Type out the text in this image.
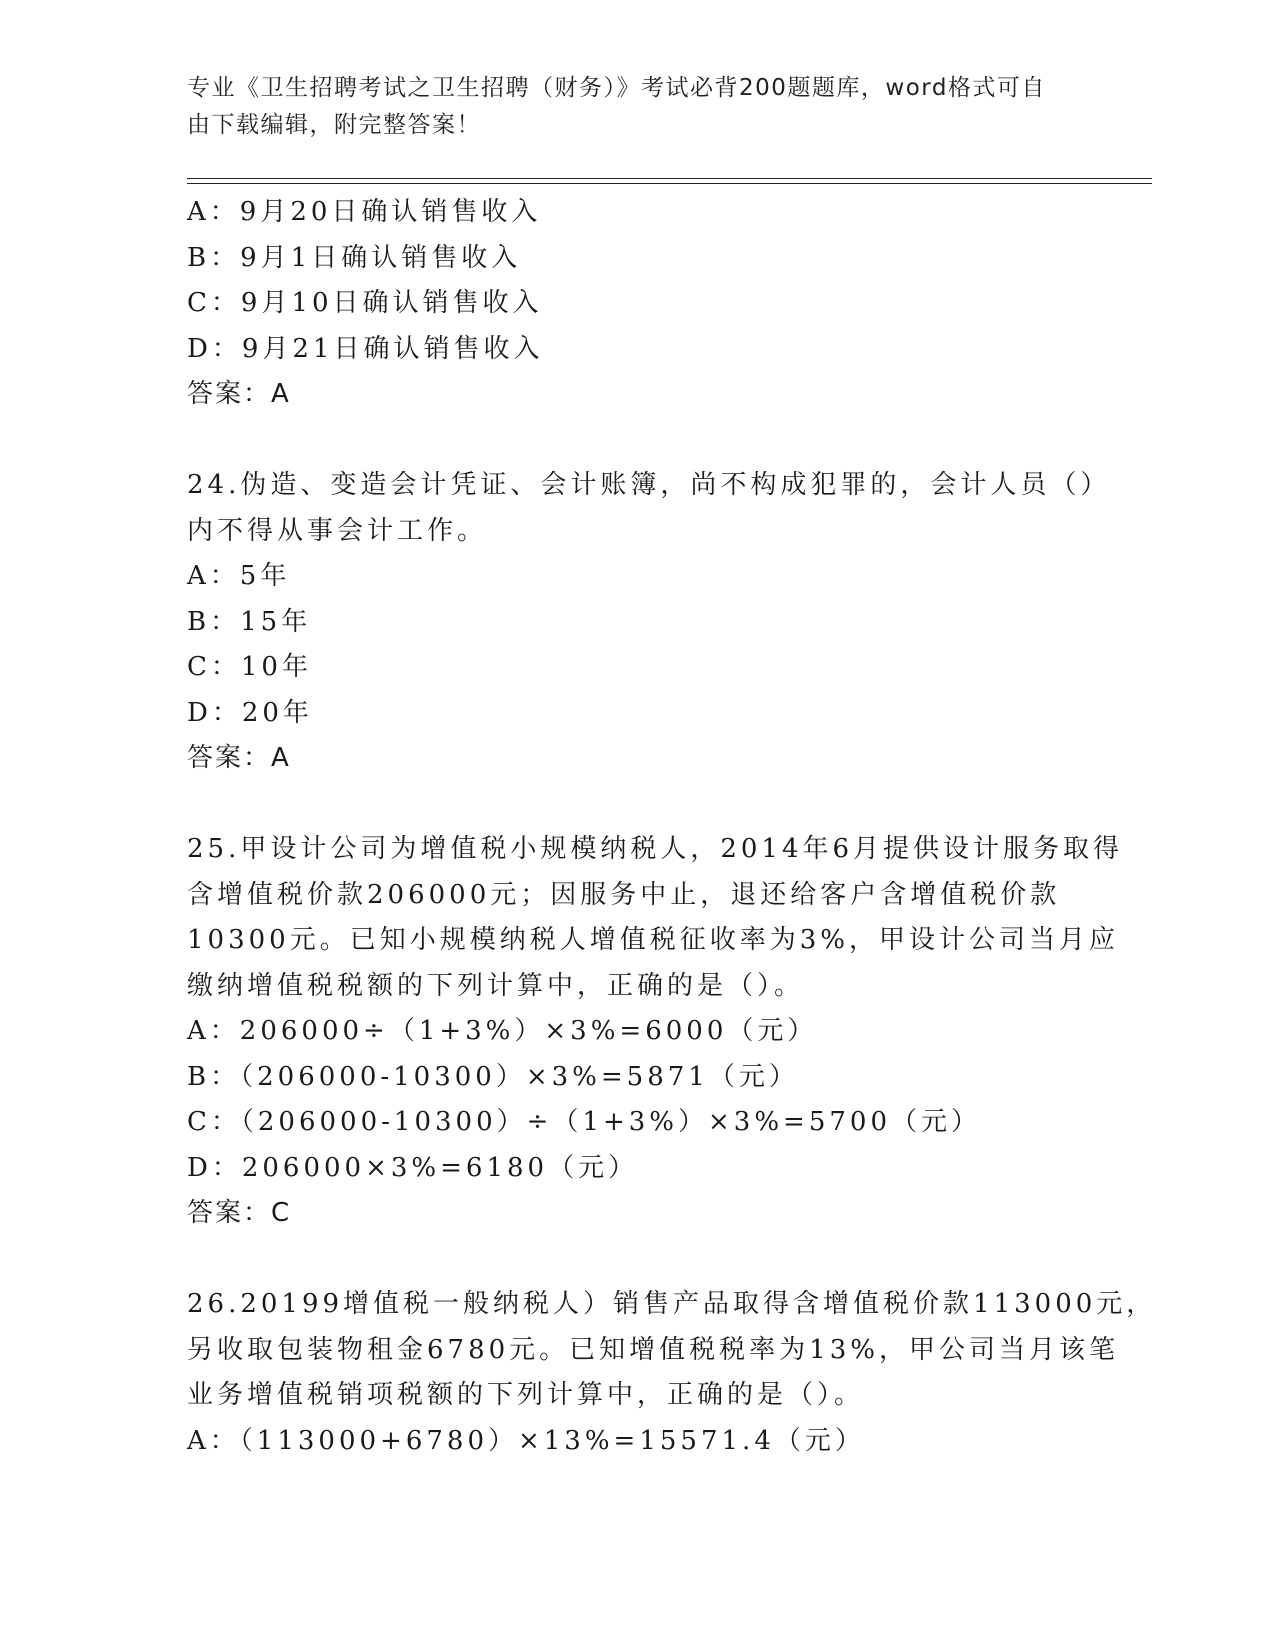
专业《卫生招聘考试之卫生招聘（财务）》考试必背200题题库，word格式可自
由下载编辑，附完整答案！
A：9月20日确认销售收入
B：9月1日确认销售收入
C：9月10日确认销售收入
D：9月21日确认销售收入
答案：A
24.伪造、变造会计凭证、会计账簿，尚不构成犯罪的，会计人员（）
内不得从事会计工作。
A：5年
B：15年
C：10年
D：20年
答案：A
25.甲设计公司为增值税小规模纳税人，2014年6月提供设计服务取得
含增值税价款206000元；因服务中止，退还给客户含增值税价款
10300元。已知小规模纳税人增值税征收率为3%，甲设计公司当月应
缴纳增值税税额的下列计算中，正确的是（）。
A：206000÷（1+3%）×3%=6000（元）
B：（206000-10300）×3%=5871（元）
C：（206000-10300）÷（1+3%）×3%=5700（元）
D：206000×3%=6180（元）
答案：C
26.20199增值税一般纳税人）销售产品取得含增值税价款113000元，
另收取包装物租金6780元。已知增值税税率为13%，甲公司当月该笔
业务增值税销项税额的下列计算中，正确的是（）。
A：（113000+6780）×13%=15571.4（元）
